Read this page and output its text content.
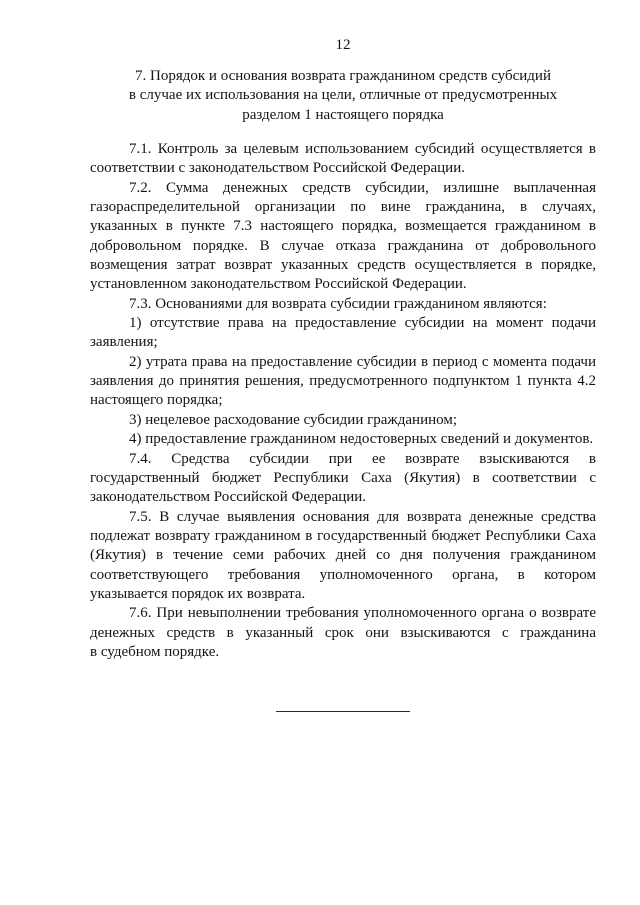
12
7. Порядок и основания возврата гражданином средств субсидий
в случае их использования на цели, отличные от предусмотренных
разделом 1 настоящего порядка
7.1. Контроль за целевым использованием субсидий осуществляется в
соответствии с законодательством Российской Федерации.
7.2. Сумма денежных средств субсидии, излишне выплаченная
газораспределительной организации по вине гражданина, в случаях,
указанных в пункте 7.3 настоящего порядка, возмещается гражданином в
добровольном порядке. В случае отказа гражданина от добровольного
возмещения затрат возврат указанных средств осуществляется в порядке,
установленном законодательством Российской Федерации.
7.3. Основаниями для возврата субсидии гражданином являются:
1) отсутствие права на предоставление субсидии на момент подачи
заявления;
2) утрата права на предоставление субсидии в период с момента подачи
заявления до принятия решения, предусмотренного подпунктом 1 пункта 4.2
настоящего порядка;
3) нецелевое расходование субсидии гражданином;
4) предоставление гражданином недостоверных сведений и документов.
7.4. Средства субсидии при ее возврате взыскиваются в
государственный бюджет Республики Саха (Якутия) в соответствии с
законодательством Российской Федерации.
7.5. В случае выявления основания для возврата денежные средства
подлежат возврату гражданином в государственный бюджет Республики Саха
(Якутия) в течение семи рабочих дней со дня получения гражданином
соответствующего требования уполномоченного органа, в котором
указывается порядок их возврата.
7.6. При невыполнении требования уполномоченного органа о возврате
денежных средств в указанный срок они взыскиваются с гражданина
в судебном порядке.
